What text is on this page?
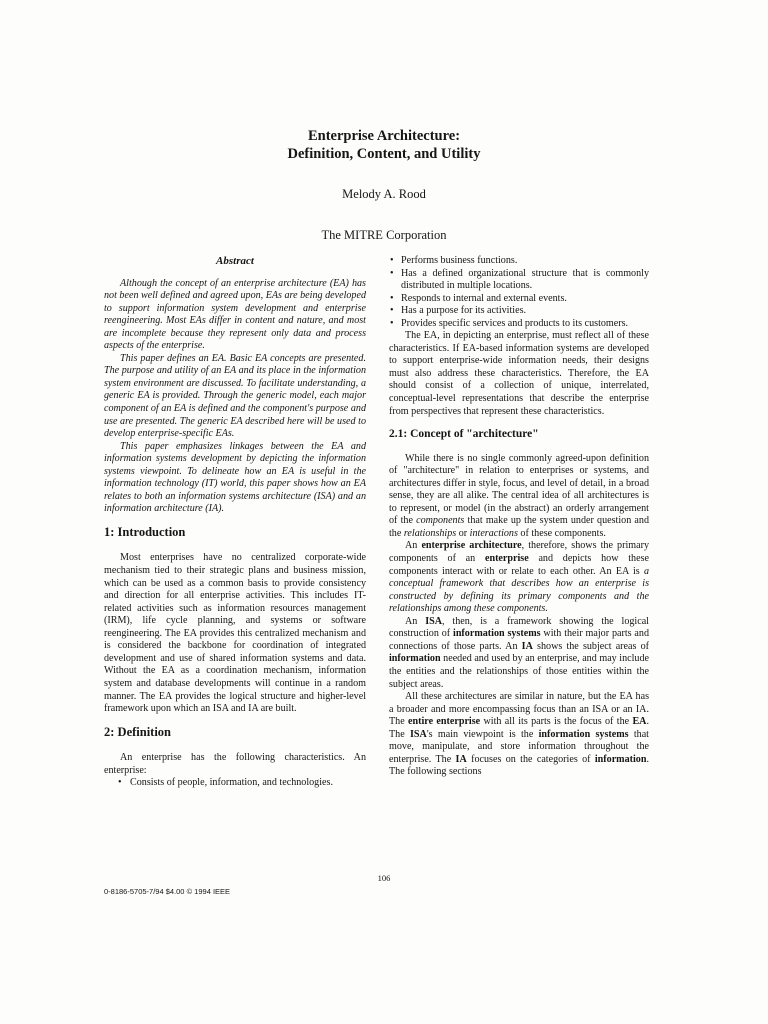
Enterprise Architecture:
Definition, Content, and Utility
Melody A. Rood
The MITRE Corporation
Abstract

Although the concept of an enterprise architecture (EA) has not been well defined and agreed upon, EAs are being developed to support information system development and enterprise reengineering. Most EAs differ in content and nature, and most are incomplete because they represent only data and process aspects of the enterprise.

This paper defines an EA. Basic EA concepts are presented. The purpose and utility of an EA and its place in the information system environment are discussed. To facilitate understanding, a generic EA is provided. Through the generic model, each major component of an EA is defined and the component's purpose and use are presented. The generic EA described here will be used to develop enterprise-specific EAs.

This paper emphasizes linkages between the EA and information systems development by depicting the information systems viewpoint. To delineate how an EA is useful in the information technology (IT) world, this paper shows how an EA relates to both an information systems architecture (ISA) and an information architecture (IA).

1: Introduction

Most enterprises have no centralized corporate-wide mechanism tied to their strategic plans and business mission, which can be used as a common basis to provide consistency and direction for all enterprise activities. This includes IT-related activities such as information resources management (IRM), life cycle planning, and systems or software reengineering. The EA provides this centralized mechanism and is considered the backbone for coordination of integrated development and use of shared information systems and data. Without the EA as a coordination mechanism, information system and database developments will continue in a random manner. The EA provides the logical structure and higher-level framework upon which an ISA and IA are built.

2: Definition

An enterprise has the following characteristics. An enterprise:

• Consists of people, information, and technologies.
• Performs business functions.
• Has a defined organizational structure that is commonly distributed in multiple locations.
• Responds to internal and external events.
• Has a purpose for its activities.
• Provides specific services and products to its customers.

The EA, in depicting an enterprise, must reflect all of these characteristics. If EA-based information systems are developed to support enterprise-wide information needs, their designs must also address these characteristics. Therefore, the EA should consist of a collection of unique, interrelated, conceptual-level representations that describe the enterprise from perspectives that represent these characteristics.

2.1: Concept of "architecture"

While there is no single commonly agreed-upon definition of "architecture" in relation to enterprises or systems, and architectures differ in style, focus, and level of detail, in a broad sense, they are all alike. The central idea of all architectures is to represent, or model (in the abstract) an orderly arrangement of the components that make up the system under question and the relationships or interactions of these components.

An enterprise architecture, therefore, shows the primary components of an enterprise and depicts how these components interact with or relate to each other. An EA is a conceptual framework that describes how an enterprise is constructed by defining its primary components and the relationships among these components.

An ISA, then, is a framework showing the logical construction of information systems with their major parts and connections of those parts. An IA shows the subject areas of information needed and used by an enterprise, and may include the entities and the relationships of those entities within the subject areas.

All these architectures are similar in nature, but the EA has a broader and more encompassing focus than an ISA or an IA. The entire enterprise with all its parts is the focus of the EA. The ISA's main viewpoint is the information systems that move, manipulate, and store information throughout the enterprise. The IA focuses on the categories of information. The following sections

106
0-8186-5705-7/94 $4.00 © 1994 IEEE
